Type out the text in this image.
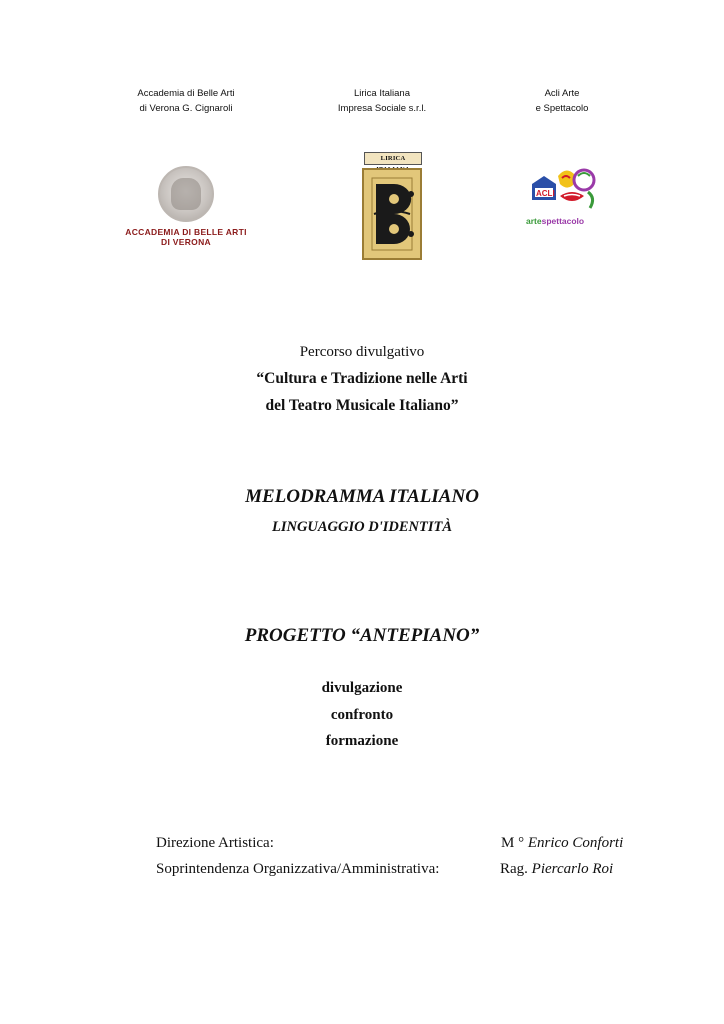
Accademia di Belle Arti
di Verona G. Cignaroli
Lirica Italiana
Impresa Sociale s.r.l.
Acli Arte
e Spettacolo
ACCADEMIA DI BELLE ARTI
DI VERONA
LIRICA
ACLI
artespettacolo
Percorso divulgativo
“Cultura e Tradizione nelle Arti
del Teatro Musicale Italiano”
MELODRAMMA ITALIANO
LINGUAGGIO D'IDENTITÀ
PROGETTO “ANTEPIANO”
divulgazione
confronto
formazione
Direzione Artistica:	M ° Enrico Conforti
Soprintendenza Organizzativa/Amministrativa:	Rag. Piercarlo Roi
